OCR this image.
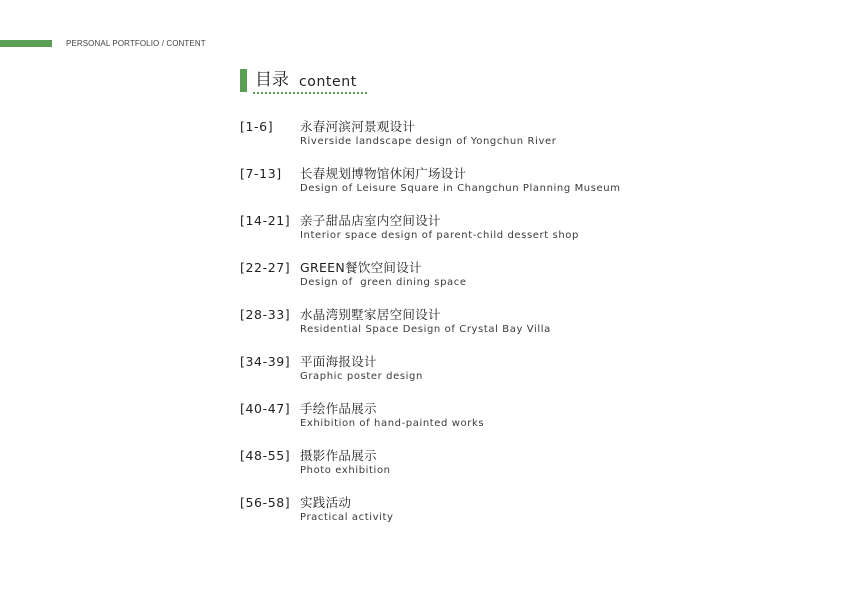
PERSONAL PORTFOLIO / CONTENT
目录 content
[1-6] 永春河滨河景观设计
Riverside landscape design of Yongchun River
[7-13] 长春规划博物馆休闲广场设计
Design of Leisure Square in Changchun Planning Museum
[14-21] 亲子甜品店室内空间设计
Interior space design of parent-child dessert shop
[22-27] GREEN餐饮空间设计
Design of  green dining space
[28-33] 水晶湾别墅家居空间设计
Residential Space Design of Crystal Bay Villa
[34-39] 平面海报设计
Graphic poster design
[40-47] 手绘作品展示
Exhibition of hand-painted works
[48-55] 摄影作品展示
Photo exhibition
[56-58] 实践活动
Practical activity
